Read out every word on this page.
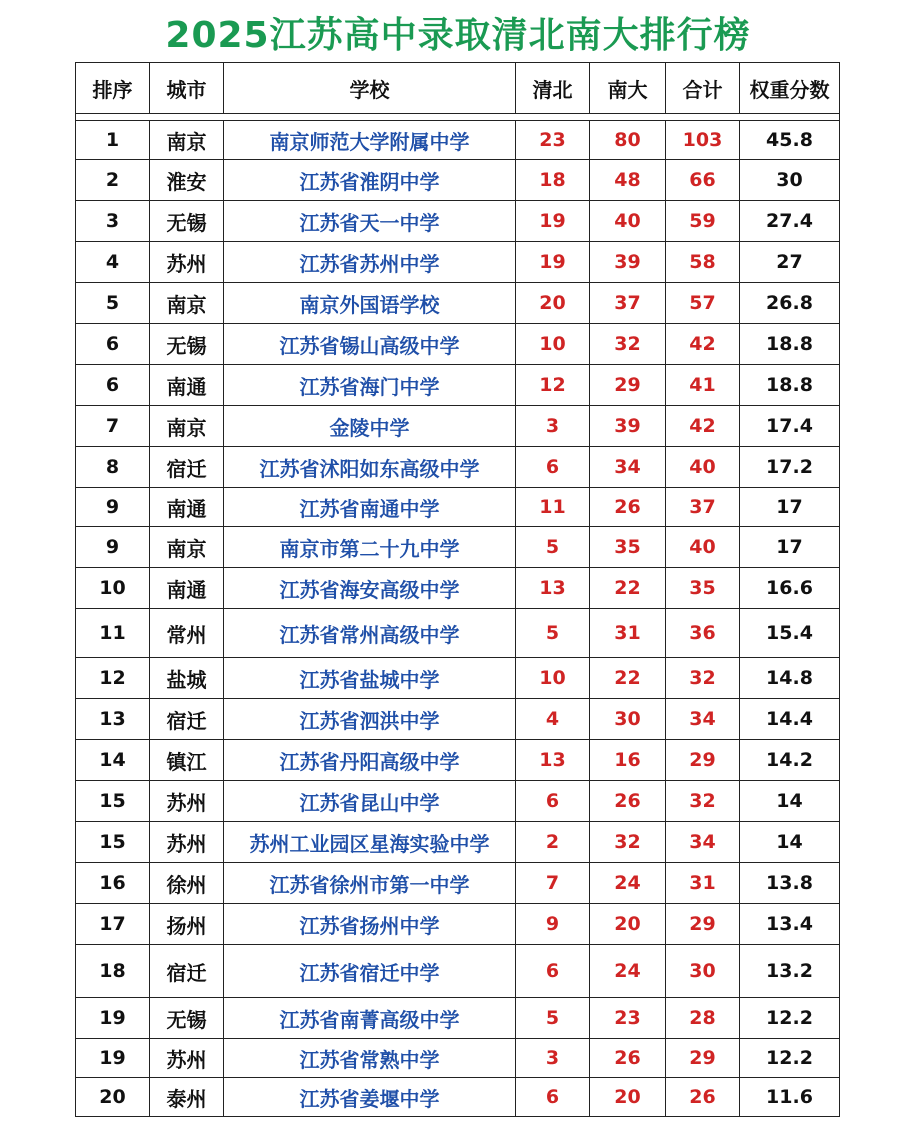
2025江苏高中录取清北南大排行榜
排序	城市	学校	清北	南大	合计	权重分数

1	南京	南京师范大学附属中学	23	80	103	45.8
2	淮安	江苏省淮阴中学	18	48	66	30
3	无锡	江苏省天一中学	19	40	59	27.4
4	苏州	江苏省苏州中学	19	39	58	27
5	南京	南京外国语学校	20	37	57	26.8
6	无锡	江苏省锡山高级中学	10	32	42	18.8
6	南通	江苏省海门中学	12	29	41	18.8
7	南京	金陵中学	3	39	42	17.4
8	宿迁	江苏省沭阳如东高级中学	6	34	40	17.2
9	南通	江苏省南通中学	11	26	37	17
9	南京	南京市第二十九中学	5	35	40	17
10	南通	江苏省海安高级中学	13	22	35	16.6
11	常州	江苏省常州高级中学	5	31	36	15.4
12	盐城	江苏省盐城中学	10	22	32	14.8
13	宿迁	江苏省泗洪中学	4	30	34	14.4
14	镇江	江苏省丹阳高级中学	13	16	29	14.2
15	苏州	江苏省昆山中学	6	26	32	14
15	苏州	苏州工业园区星海实验中学	2	32	34	14
16	徐州	江苏省徐州市第一中学	7	24	31	13.8
17	扬州	江苏省扬州中学	9	20	29	13.4
18	宿迁	江苏省宿迁中学	6	24	30	13.2
19	无锡	江苏省南菁高级中学	5	23	28	12.2
19	苏州	江苏省常熟中学	3	26	29	12.2
20	泰州	江苏省姜堰中学	6	20	26	11.6
